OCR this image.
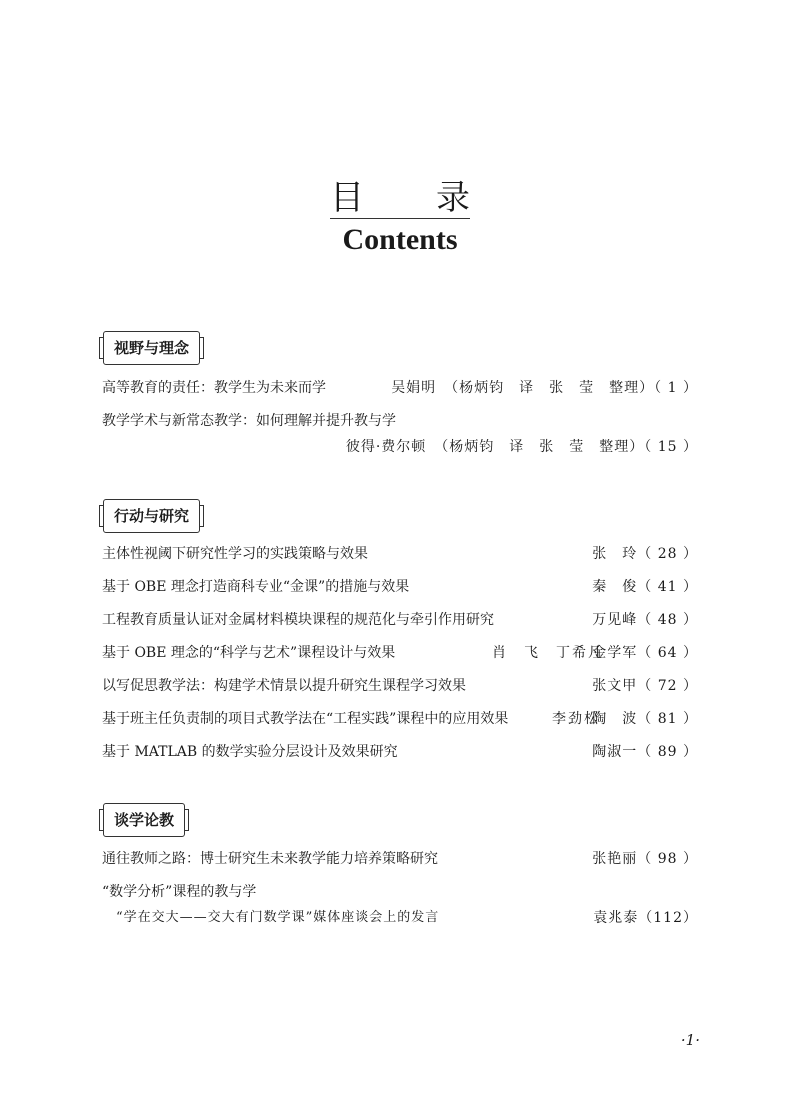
目 录
Contents
视野与理念
高等教育的责任：教学生为未来而学	吴娟明　（杨炳钧　译　张　莹　整理）（ 1 ）
教学学术与新常态教学：如何理解并提升教与学
彼得·费尔顿　（杨炳钧　译　张　莹　整理）（ 15 ）
行动与研究
主体性视阈下研究性学习的实践策略与效果	张　玲（ 28 ）
基于 OBE 理念打造商科专业“金课”的措施与效果	秦　俊（ 41 ）
工程教育质量认证对金属材料模块课程的规范化与牵引作用研究	万见峰（ 48 ）
基于 OBE 理念的“科学与艺术”课程设计与效果	肖　飞　丁希凡
金学军（ 64 ）
以写促思教学法：构建学术情景以提升研究生课程学习效果	张文甲（ 72 ）
基于班主任负责制的项目式教学法在“工程实践”课程中的应用效果	李劲松
陶　波（ 81 ）
基于 MATLAB 的数学实验分层设计及效果研究	陶淑一（ 89 ）
谈学论教
通往教师之路：博士研究生未来教学能力培养策略研究	张艳丽（ 98 ）
“数学分析”课程的教与学
“学在交大——交大有门数学课”媒体座谈会上的发言	袁兆泰（112）
·1·
